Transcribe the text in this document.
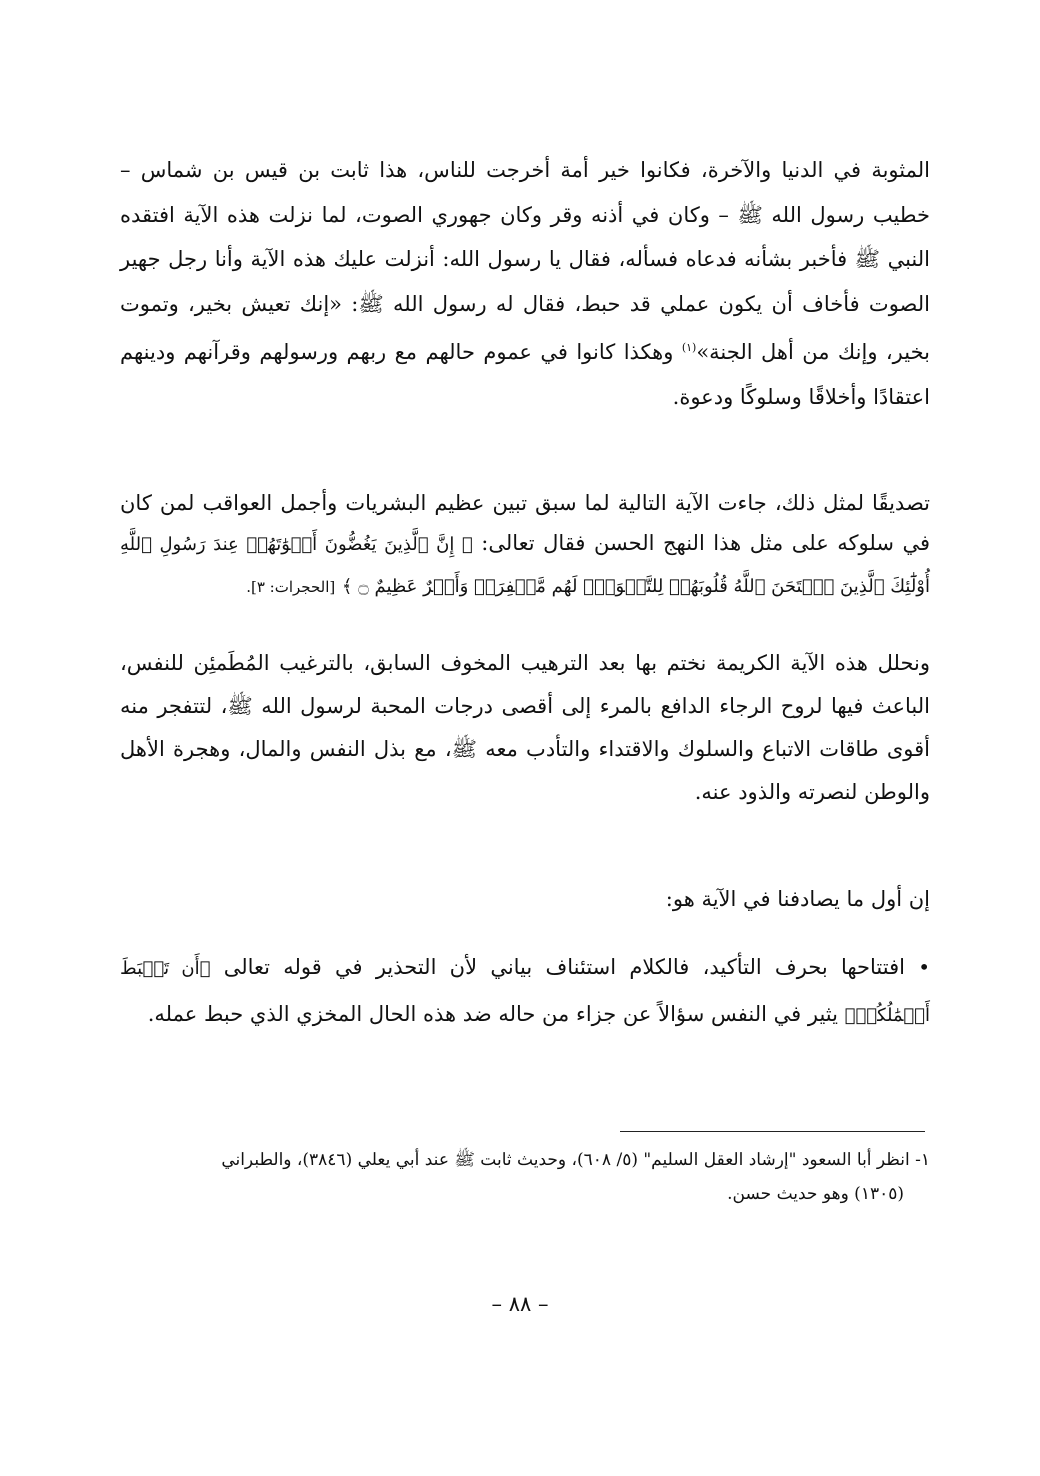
المثوبة في الدنيا والآخرة، فكانوا خير أمة أخرجت للناس، هذا ثابت بن قيس بن شماس – خطيب رسول الله ﷺ – وكان في أذنه وقر وكان جهوري الصوت، لما نزلت هذه الآية افتقده النبي ﷺ فأخبر بشأنه فدعاه فسأله، فقال يا رسول الله: أنزلت عليك هذه الآية وأنا رجل جهير الصوت فأخاف أن يكون عملي قد حبط، فقال له رسول الله ﷺ: «إنك تعيش بخير، وتموت بخير، وإنك من أهل الجنة»$^{(١)}$ وهكذا كانوا في عموم حالهم مع ربهم ورسولهم وقرآنهم ودينهم اعتقادًا وأخلاقًا وسلوكًا ودعوة.

تصديقًا لمثل ذلك، جاءت الآية التالية لما سبق تبين عظيم البشريات وأجمل العواقب لمن كان في سلوكه على مثل هذا النهج الحسن فقال تعالى: ﴿ إِنَّ ٱلَّذِينَ يَغُضُّونَ أَصۡوَٰتَهُمۡ عِندَ رَسُولِ ٱللَّهِ أُوْلَٰٓئِكَ ٱلَّذِينَ ٱمۡتَحَنَ ٱللَّهُ قُلُوبَهُمۡ لِلتَّقۡوَىٰۚ لَهُم مَّغۡفِرَةٞ وَأَجۡرٌ عَظِيمٌ ۝ ﴾ [الحجرات: ٣].

ونحلل هذه الآية الكريمة نختم بها بعد الترهيب المخوف السابق، بالترغيب المُطَمئِن للنفس، الباعث فيها لروح الرجاء الدافع بالمرء إلى أقصى درجات المحبة لرسول الله ﷺ، لتتفجر منه أقوى طاقات الاتباع والسلوك والاقتداء والتأدب معه ﷺ، مع بذل النفس والمال، وهجرة الأهل والوطن لنصرته والذود عنه.

إن أول ما يصادفنا في الآية هو:

• افتتاحها بحرف التأكيد، فالكلام استئناف بياني لأن التحذير في قوله تعالى ﴿أَن تَحۡبَطَ أَعۡمَٰلُكُمۡ﴾ يثير في النفس سؤالاً عن جزاء من حاله ضد هذه الحال المخزي الذي حبط عمله.

١- انظر أبا السعود "إرشاد العقل السليم" (٥/ ٦٠٨)، وحديث ثابت ﷺ عند أبي يعلي (٣٨٤٦)، والطبراني

(١٣٠٥) وهو حديث حسن.

– ٨٨ –
